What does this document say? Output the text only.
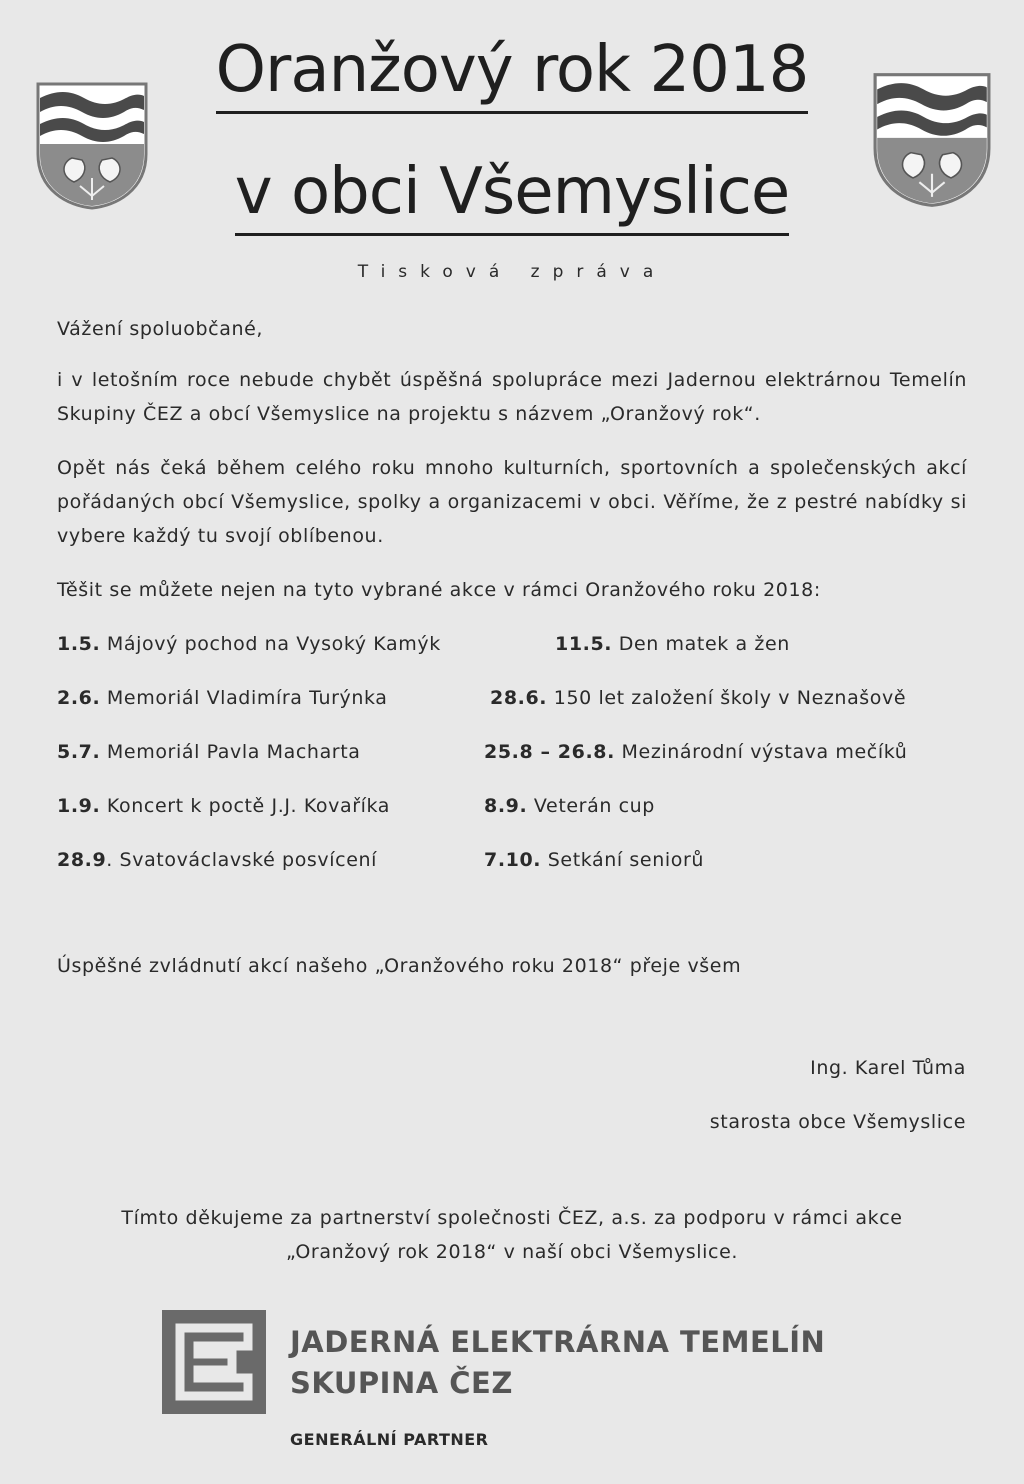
Oranžový rok 2018
v obci Všemyslice
Tisková zpráva
Vážení spoluobčané,
i v letošním roce nebude chybět úspěšná spolupráce mezi Jadernou elektrárnou Temelín Skupiny ČEZ a obcí Všemyslice na projektu s názvem „Oranžový rok“.
Opět nás čeká během celého roku mnoho kulturních, sportovních a společenských akcí pořádaných obcí Všemyslice, spolky a organizacemi v obci. Věříme, že z pestré nabídky si vybere každý tu svojí oblíbenou.
Těšit se můžete nejen na tyto vybrané akce v rámci Oranžového roku 2018:
1.5. Májový pochod na Vysoký Kamýk	11.5. Den matek a žen
2.6. Memoriál Vladimíra Turýnka	28.6. 150 let založení školy v Neznašově
5.7. Memoriál Pavla Macharta	25.8 – 26.8. Mezinárodní výstava mečíků
1.9. Koncert k poctě J.J. Kovaříka	8.9. Veterán cup
28.9. Svatováclavské posvícení	7.10. Setkání seniorů
Úspěšné zvládnutí akcí našeho „Oranžového roku 2018“ přeje všem
Ing. Karel Tůma
starosta obce Všemyslice
Tímto děkujeme za partnerství společnosti ČEZ, a.s. za podporu v rámci akce
„Oranžový rok 2018“ v naší obci Všemyslice.
JADERNÁ ELEKTRÁRNA TEMELÍN
SKUPINA ČEZ
GENERÁLNÍ PARTNER
